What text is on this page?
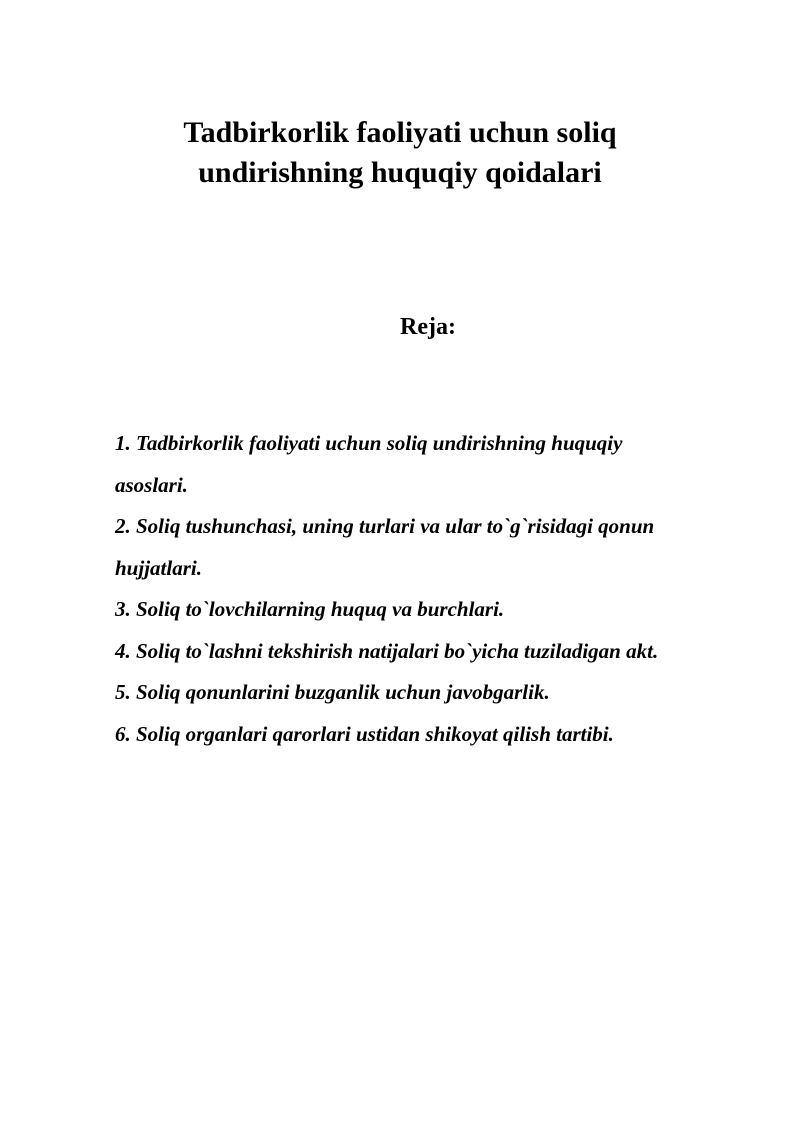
Tadbirkorlik faoliyati uchun soliq
undirishning huquqiy qoidalari
Reja:
1. Tadbirkorlik faoliyati uchun soliq undirishning huquqiy
asoslari.
2. Soliq tushunchasi, uning turlari va ular to`g`risidagi qonun
hujjatlari.
3. Soliq to`lovchilarning huquq va burchlari.
4. Soliq to`lashni tekshirish natijalari bo`yicha tuziladigan akt.
5. Soliq qonunlarini buzganlik uchun javobgarlik.
6. Soliq organlari qarorlari ustidan shikoyat qilish tartibi.
